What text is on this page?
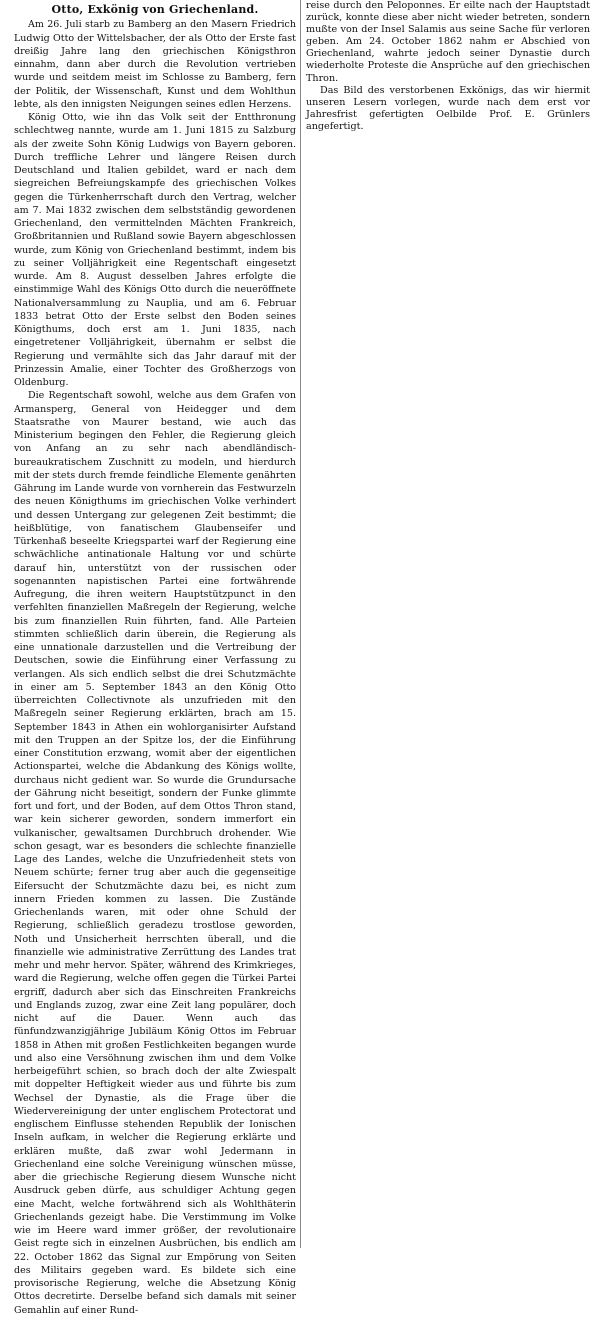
Otto, Exkönig von Griechenland.

Am 26. Juli starb zu Bamberg an den Masern Friedrich Ludwig Otto der Wittelsbacher, der als Otto der Erste fast dreißig Jahre lang den griechischen Königsthron einnahm, dann aber durch die Revolution vertrieben wurde und seitdem meist im Schlosse zu Bamberg, fern der Politik, der Wissenschaft, Kunst und dem Wohlthun lebte, als den innigsten Neigungen seines edlen Herzens.

König Otto, wie ihn das Volk seit der Entthronung schlechtweg nannte, wurde am 1. Juni 1815 zu Salzburg als der zweite Sohn König Ludwigs von Bayern geboren. Durch treffliche Lehrer und längere Reisen durch Deutschland und Italien gebildet, ward er nach dem siegreichen Befreiungskampfe des griechischen Volkes gegen die Türkenherrschaft durch den Vertrag, welcher am 7. Mai 1832 zwischen dem selbstständig gewordenen Griechenland, den vermittelnden Mächten Frankreich, Großbritannien und Rußland sowie Bayern abgeschlossen wurde, zum König von Griechenland bestimmt, indem bis zu seiner Volljährigkeit eine Regentschaft eingesetzt wurde. Am 8. August desselben Jahres erfolgte die einstimmige Wahl des Königs Otto durch die neueröffnete Nationalversammlung zu Nauplia, und am 6. Februar 1833 betrat Otto der Erste selbst den Boden seines Königthums, doch erst am 1. Juni 1835, nach eingetretener Volljährigkeit, übernahm er selbst die Regierung und vermählte sich das Jahr darauf mit der Prinzessin Amalie, einer Tochter des Großherzogs von Oldenburg.

Die Regentschaft sowohl, welche aus dem Grafen von Armansperg, General von Heidegger und dem Staatsrathe von Maurer bestand, wie auch das Ministerium begingen den Fehler, die Regierung gleich von Anfang an zu sehr nach abendländisch-bureaukratischem Zuschnitt zu modeln, und hierdurch mit der stets durch fremde feindliche Elemente genährten Gährung im Lande wurde von vornherein das Festwurzeln des neuen Königthums im griechischen Volke verhindert und dessen Untergang zur gelegenen Zeit bestimmt; die heißblütige, von fanatischem Glaubenseifer und Türkenhaß beseelte Kriegspartei warf der Regierung eine schwächliche antinationale Haltung vor und schürte darauf hin, unterstützt von der russischen oder sogenannten napistischen Partei eine fortwährende Aufregung, die ihren weitern Hauptstützpunct in den verfehlten finanziellen Maßregeln der Regierung, welche bis zum finanziellen Ruin führten, fand. Alle Parteien stimmten schließlich darin überein, die Regierung als eine unnationale darzustellen und die Vertreibung der Deutschen, sowie die Einführung einer Verfassung zu verlangen. Als sich endlich selbst die drei Schutzmächte in einer am 5. September 1843 an den König Otto überreichten Collectivnote als unzufrieden mit den Maßregeln seiner Regierung erklärten, brach am 15. September 1843 in Athen ein wohlorganisirter Aufstand mit den Truppen an der Spitze los, der die Einführung einer Constitution erzwang, womit aber der eigentlichen Actionspartei, welche die Abdankung des Königs wollte, durchaus nicht gedient war. So wurde die Grundursache der Gährung nicht beseitigt, sondern der Funke glimmte fort und fort, und der Boden, auf dem Ottos Thron stand, war kein sicherer geworden, sondern immerfort ein vulkanischer, gewaltsamen Durchbruch drohender. Wie schon gesagt, war es besonders die schlechte finanzielle Lage des Landes, welche die Unzufriedenheit stets von Neuem schürte; ferner trug aber auch die gegenseitige Eifersucht der Schutzmächte dazu bei, es nicht zum innern Frieden kommen zu lassen. Die Zustände Griechenlands waren, mit oder ohne Schuld der Regierung, schließlich geradezu trostlose geworden, Noth und Unsicherheit herrschten überall, und die finanzielle wie administrative Zerrüttung des Landes trat mehr und mehr hervor. Später, während des Krimkrieges, ward die Regierung, welche offen gegen die Türkei Partei ergriff, dadurch aber sich das Einschreiten Frankreichs und Englands zuzog, zwar eine Zeit lang populärer, doch nicht auf die Dauer. Wenn auch das fünfundzwanzigjährige Jubiläum König Ottos im Februar 1858 in Athen mit großen Festlichkeiten begangen wurde und also eine Versöhnung zwischen ihm und dem Volke herbeigeführt schien, so brach doch der alte Zwiespalt mit doppelter Heftigkeit wieder aus und führte bis zum Wechsel der Dynastie, als die Frage über die Wiedervereinigung der unter englischem Protectorat und englischem Einflusse stehenden Republik der Ionischen Inseln aufkam, in welcher die Regierung erklärte und erklären mußte, daß zwar wohl Jedermann in Griechenland eine solche Vereinigung wünschen müsse, aber die griechische Regierung diesem Wunsche nicht Ausdruck geben dürfe, aus schuldiger Achtung gegen eine Macht, welche fortwährend sich als Wohlthäterin Griechenlands gezeigt habe. Die Verstimmung im Volke wie im Heere ward immer größer, der revolutionaire Geist regte sich in einzelnen Ausbrüchen, bis endlich am 22. October 1862 das Signal zur Empörung von Seiten des Militairs gegeben ward. Es bildete sich eine provisorische Regierung, welche die Absetzung König Ottos decretirte. Derselbe befand sich damals mit seiner Gemahlin auf einer Rund-

reise durch den Peloponnes. Er eilte nach der Hauptstadt zurück, konnte diese aber nicht wieder betreten, sondern mußte von der Insel Salamis aus seine Sache für verloren geben. Am 24. October 1862 nahm er Abschied von Griechenland, wahrte jedoch seiner Dynastie durch wiederholte Proteste die Ansprüche auf den griechischen Thron.

Das Bild des verstorbenen Exkönigs, das wir hiermit unseren Lesern vorlegen, wurde nach dem erst vor Jahresfrist gefertigten Oelbilde Prof. E. Grünlers angefertigt.
